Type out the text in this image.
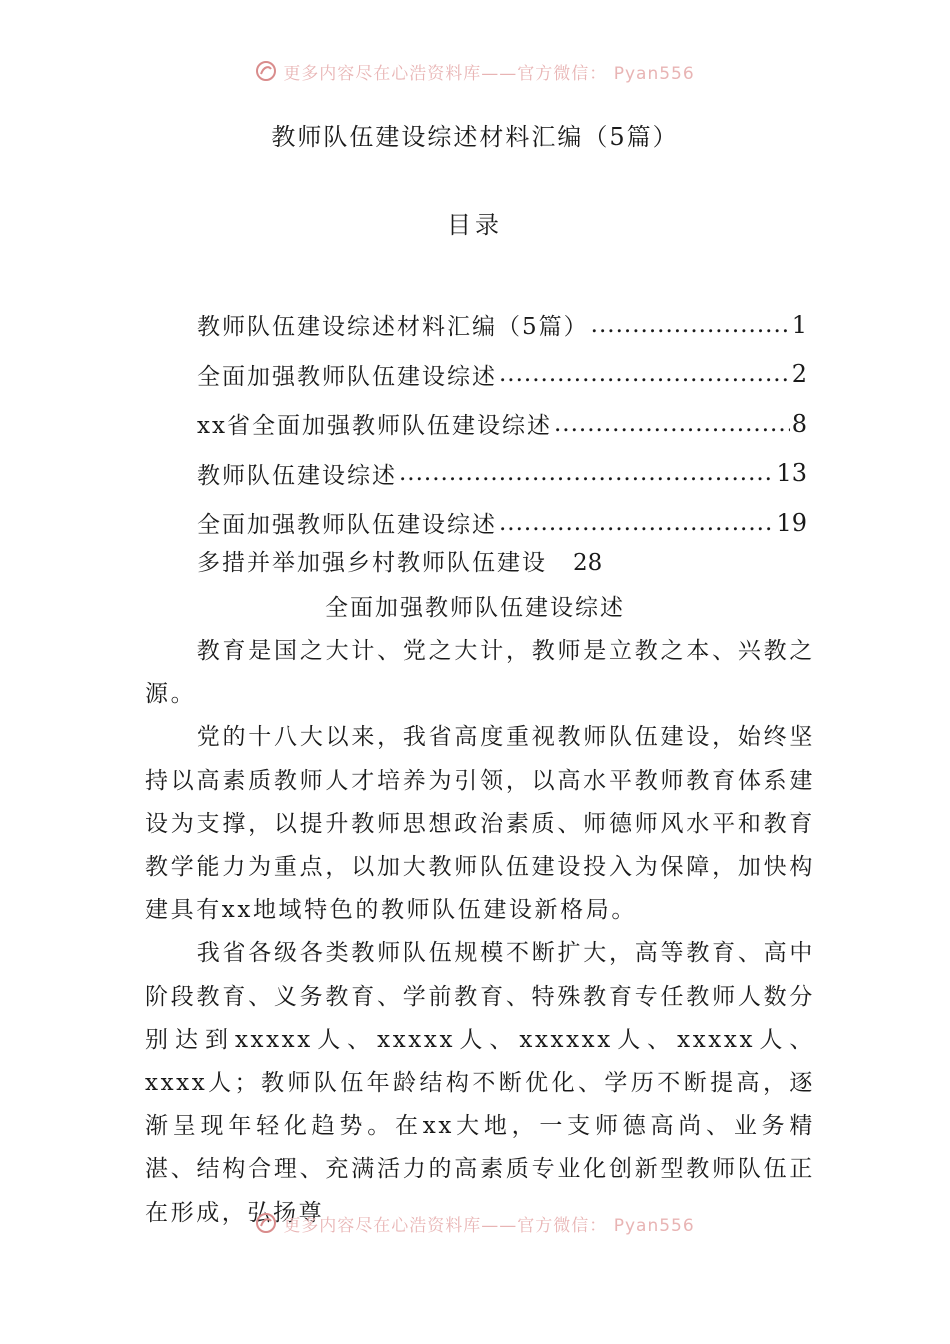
更多内容尽在心浩资料库——官方微信： Pyan556
教师队伍建设综述材料汇编（5篇）
目录
教师队伍建设综述材料汇编（5篇） .....	1
全面加强教师队伍建设综述 .....	2
xx省全面加强教师队伍建设综述 .....	8
教师队伍建设综述 .....	13
全面加强教师队伍建设综述 .....	19
多措并举加强乡村教师队伍建设 28
全面加强教师队伍建设综述

教育是国之大计、党之大计，教师是立教之本、兴教之源。

党的十八大以来，我省高度重视教师队伍建设，始终坚持以高素质教师人才培养为引领，以高水平教师教育体系建设为支撑，以提升教师思想政治素质、师德师风水平和教育教学能力为重点，以加大教师队伍建设投入为保障，加快构建具有xx地域特色的教师队伍建设新格局。

我省各级各类教师队伍规模不断扩大，高等教育、高中阶段教育、义务教育、学前教育、特殊教育专任教师人数分别达到xxxxx人、xxxxx人、xxxxxx人、xxxxx人、xxxx人；教师队伍年龄结构不断优化、学历不断提高，逐渐呈现年轻化趋势。在xx大地，一支师德高尚、业务精湛、结构合理、充满活力的高素质专业化创新型教师队伍正在形成，弘扬尊

更多内容尽在心浩资料库——官方微信： Pyan556
